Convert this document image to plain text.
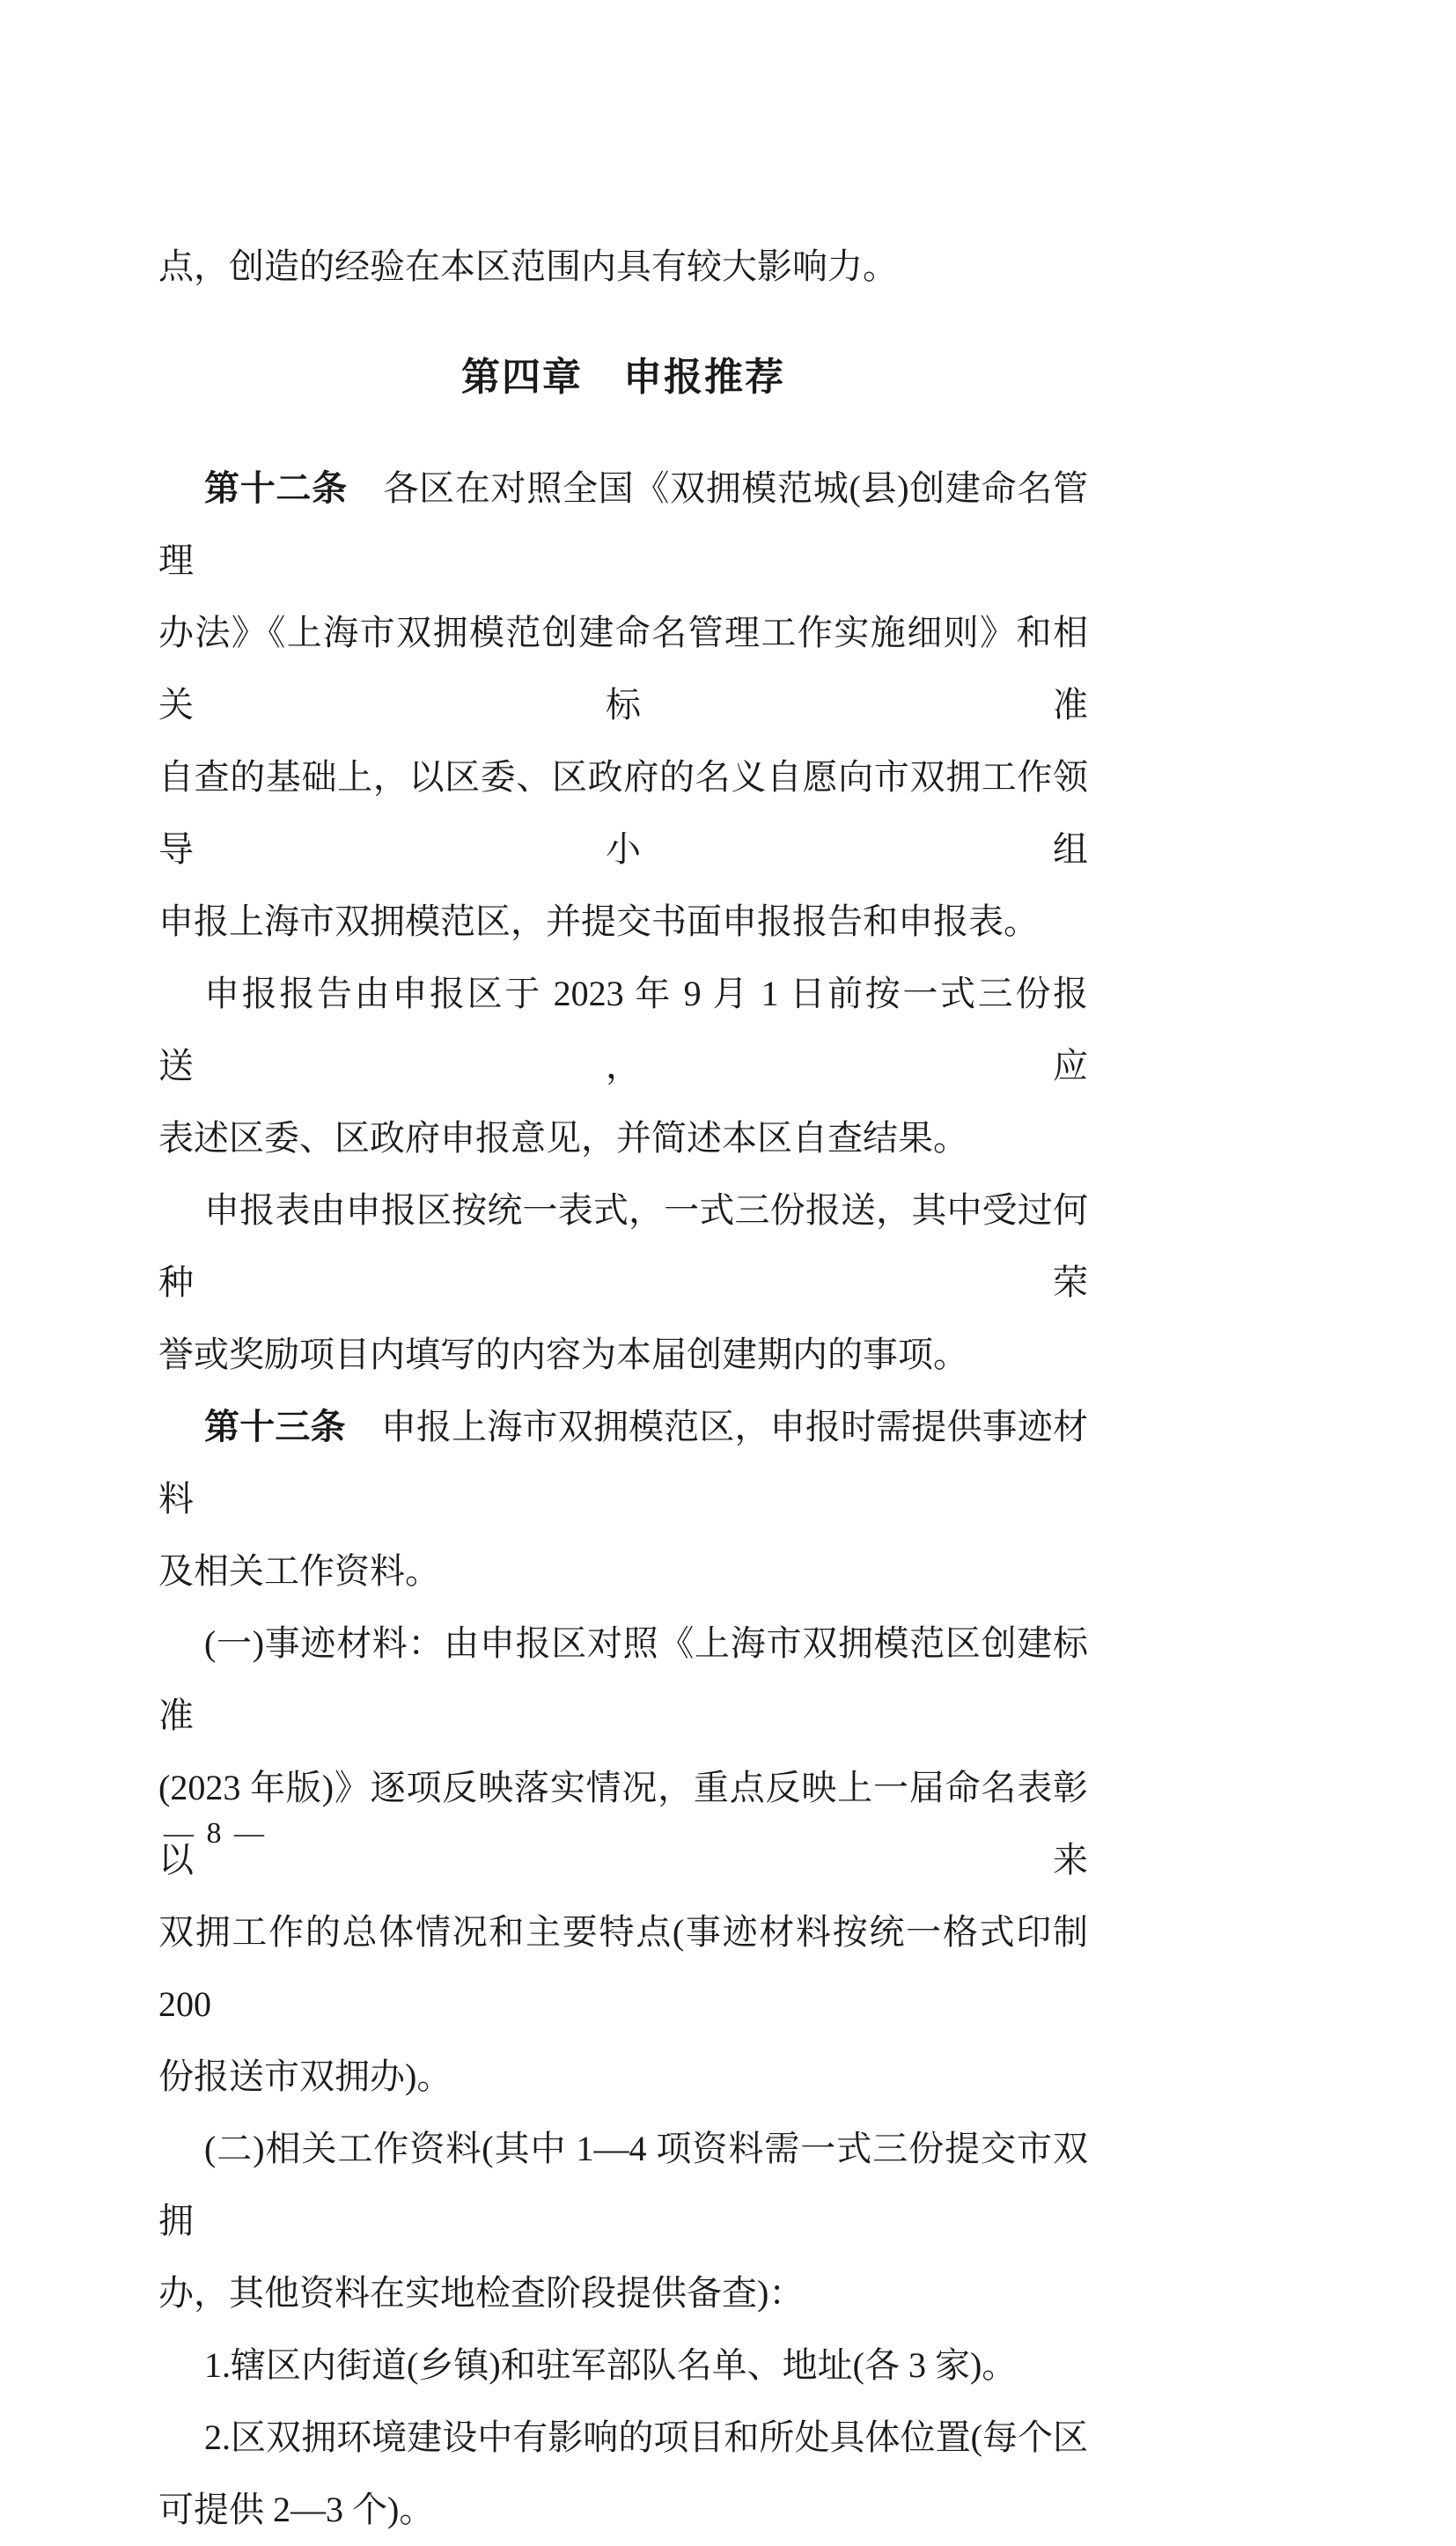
点，创造的经验在本区范围内具有较大影响力。
第四章　申报推荐
第十二条　各区在对照全国《双拥模范城(县)创建命名管理
办法》《上海市双拥模范创建命名管理工作实施细则》和相关标准
自查的基础上，以区委、区政府的名义自愿向市双拥工作领导小组
申报上海市双拥模范区，并提交书面申报报告和申报表。
申报报告由申报区于 2023 年 9 月 1 日前按一式三份报送，应
表述区委、区政府申报意见，并简述本区自查结果。
申报表由申报区按统一表式，一式三份报送，其中受过何种荣
誉或奖励项目内填写的内容为本届创建期内的事项。
第十三条　申报上海市双拥模范区，申报时需提供事迹材料
及相关工作资料。
(一)事迹材料：由申报区对照《上海市双拥模范区创建标准
(2023 年版)》逐项反映落实情况，重点反映上一届命名表彰以来
双拥工作的总体情况和主要特点(事迹材料按统一格式印制 200
份报送市双拥办)。
(二)相关工作资料(其中 1—4 项资料需一式三份提交市双拥
办，其他资料在实地检查阶段提供备查)：
1.辖区内街道(乡镇)和驻军部队名单、地址(各 3 家)。
2.区双拥环境建设中有影响的项目和所处具体位置(每个区
可提供 2—3 个)。
— 8 —
